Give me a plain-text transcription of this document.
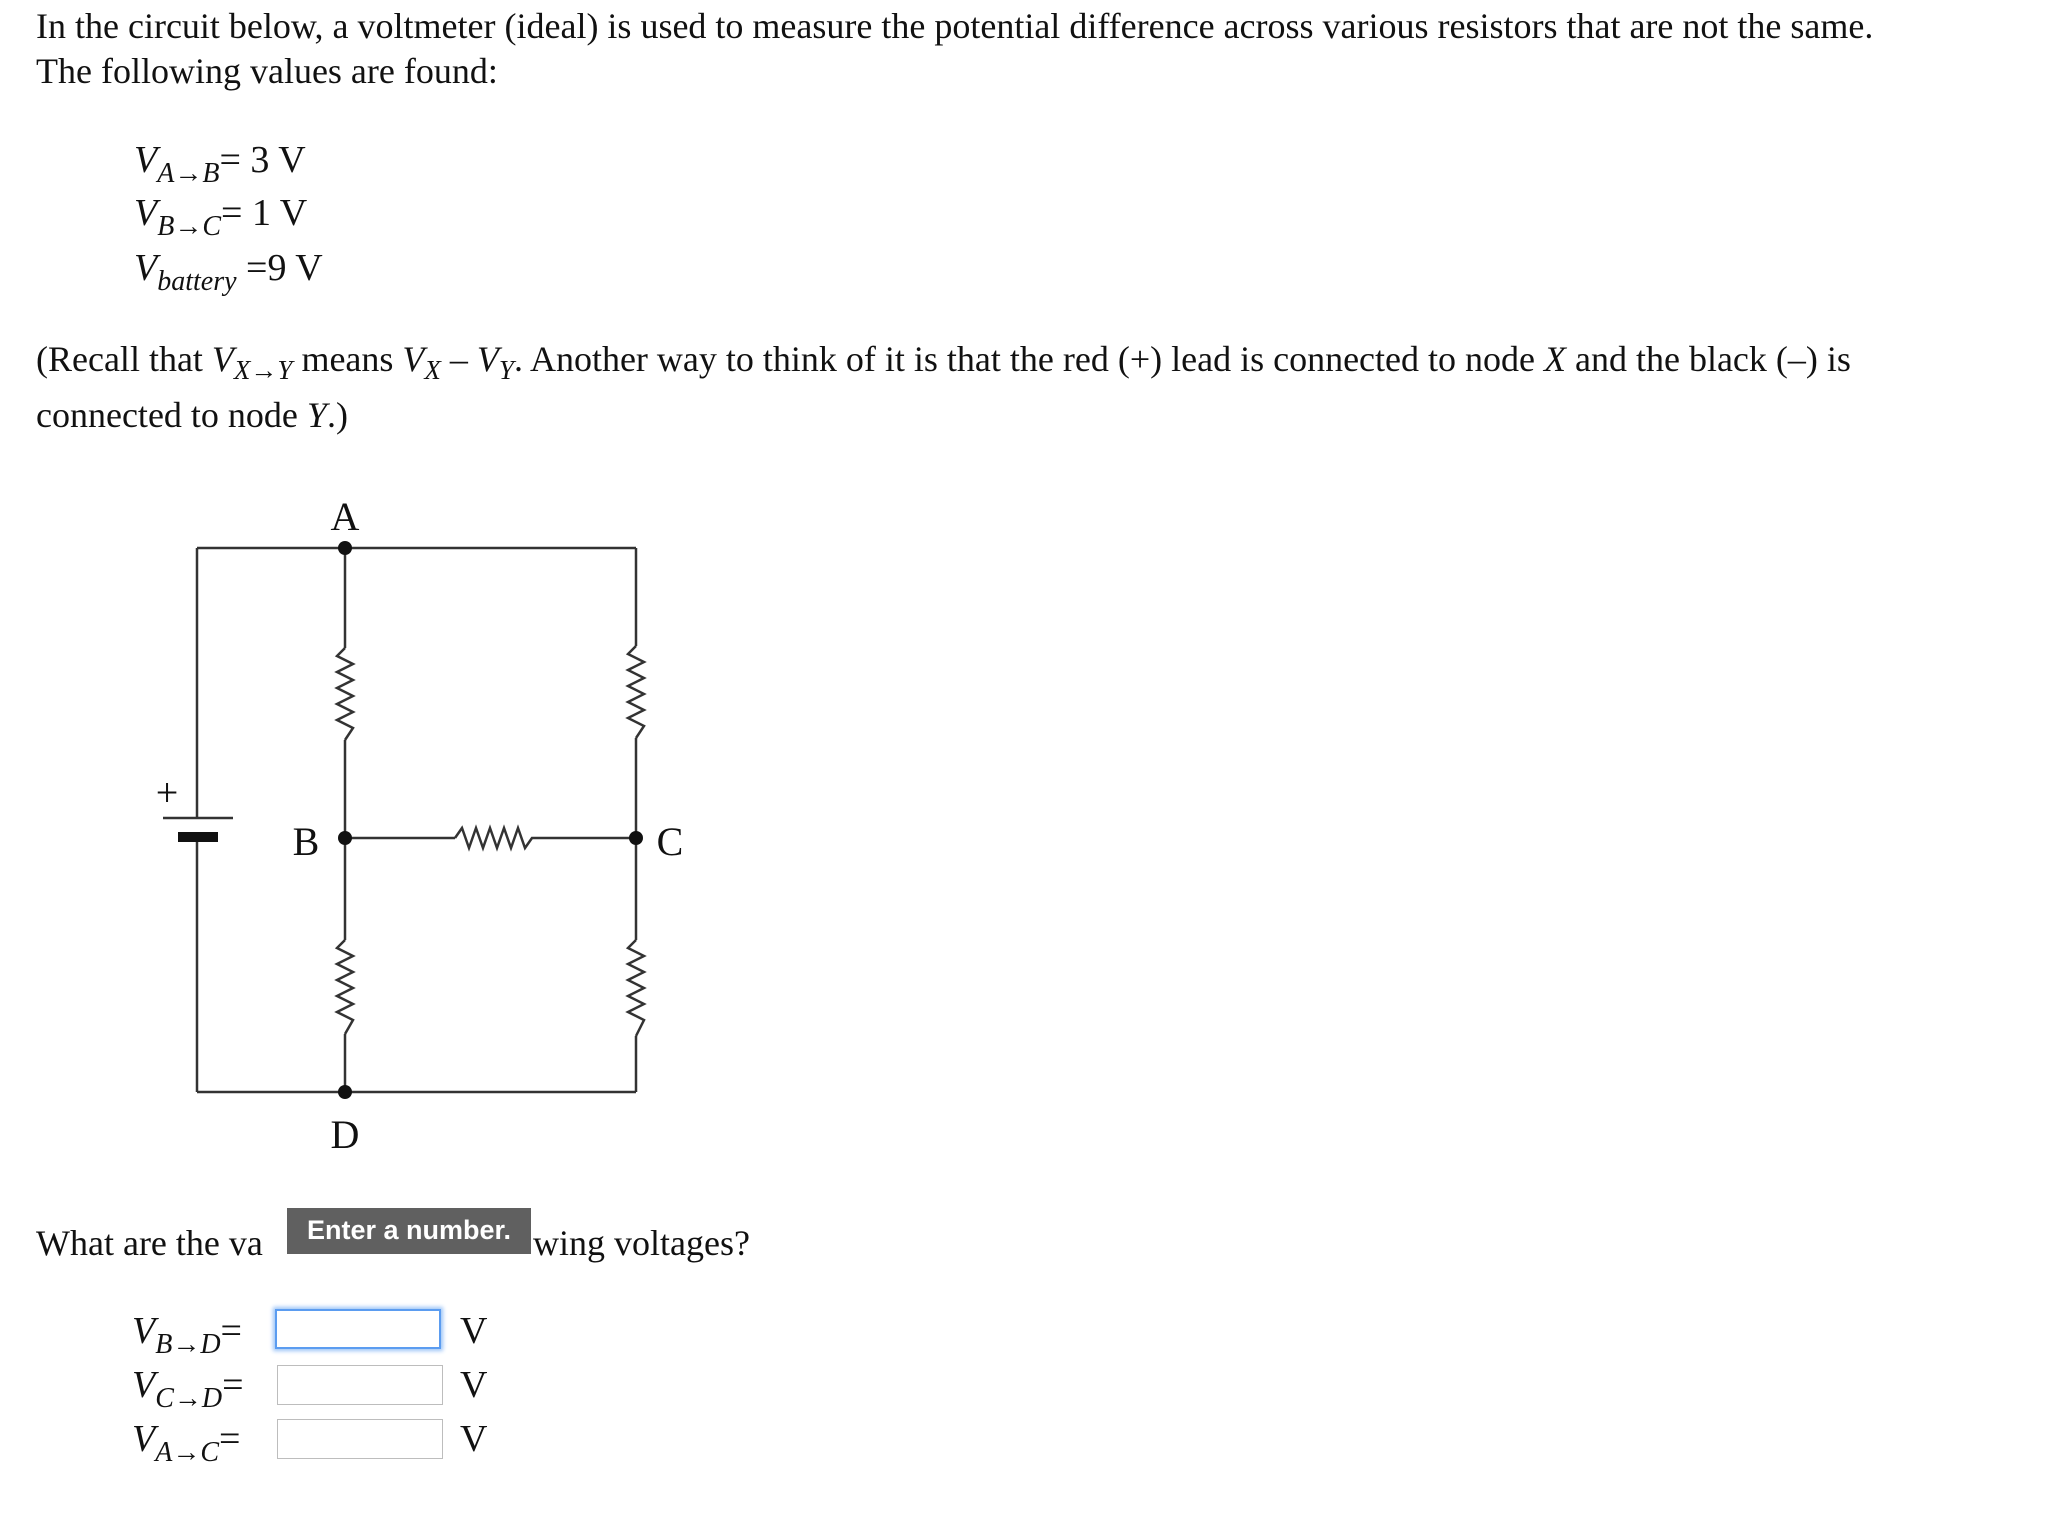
In the circuit below, a voltmeter (ideal) is used to measure the potential difference across various resistors that are not the same.
The following values are found:
$V_{A\to B}= 3$ V
$V_{B\to C}= 1$ V
$V_{battery} =9$ V
(Recall that $V_{X\to Y}$ means $V_X - V_Y$. Another way to think of it is that the red (+) lead is connected to node X and the black (–) is
connected to node Y.)
A
B	C
D
+
What are the va	wing voltages?
Enter a number.
$V_{B\to D}=$	V
$V_{C\to D}=$	V
$V_{A\to C}=$	V
